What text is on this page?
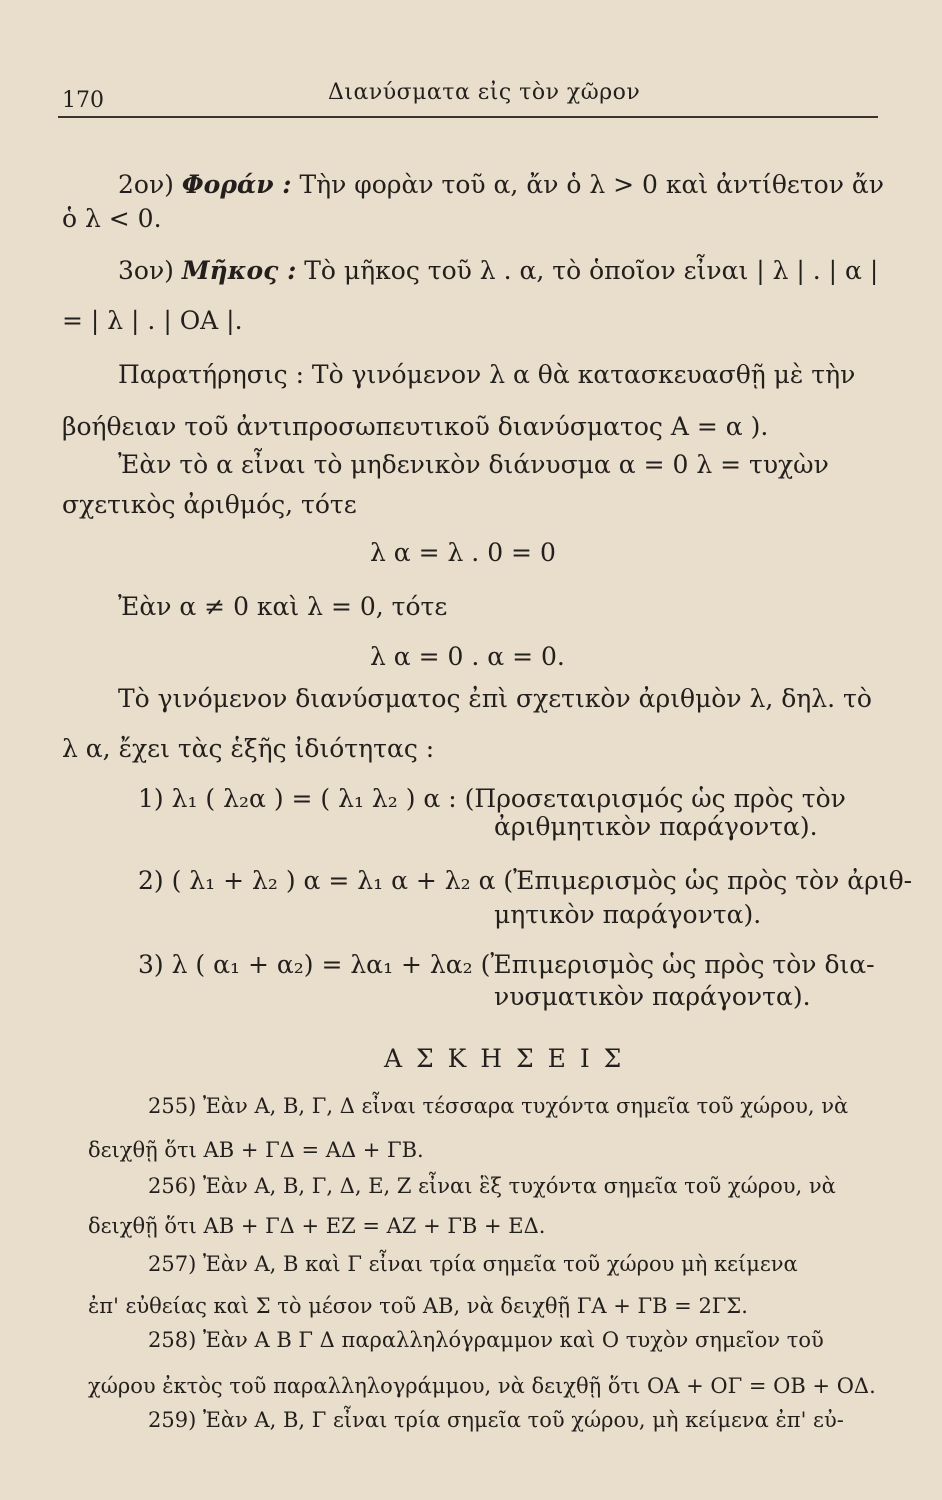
170	Διανύσματα εἰς τὸν χῶρον
2ον) Φοράν : Τὴν φορὰν τοῦ α, ἄν ὁ λ > 0 καὶ ἀντίθετον ἄν
ὁ λ < 0.
3ον) Μῆκος : Τὸ μῆκος τοῦ λ . α, τὸ ὁποῖον εἶναι | λ | . | α |
= | λ | . | ΟΑ |.
Παρατήρησις : Τὸ γινόμενον λ α θὰ κατασκευασθῇ μὲ τὴν
βοήθειαν τοῦ ἀντιπροσωπευτικοῦ διανύσματος Α = α ).
Ἐὰν τὸ α εἶναι τὸ μηδενικὸν διάνυσμα α = 0 λ = τυχὼν
σχετικὸς ἀριθμός, τότε
λ α = λ . 0 = 0
Ἐὰν α ≠ 0 καὶ λ = 0, τότε
λ α = 0 . α = 0.
Τὸ γινόμενον διανύσματος ἐπὶ σχετικὸν ἀριθμὸν λ, δηλ. τὸ
λ α, ἔχει τὰς ἑξῆς ἰδιότητας :
1) λ₁ ( λ₂α ) = ( λ₁ λ₂ ) α : (Προσεταιρισμός ὡς πρὸς τὸν
ἀριθμητικὸν παράγοντα).
2) ( λ₁ + λ₂ ) α = λ₁ α + λ₂ α (Ἐπιμερισμὸς ὡς πρὸς τὸν ἀριθ-
μητικὸν παράγοντα).
3) λ ( α₁ + α₂) = λα₁ + λα₂ (Ἐπιμερισμὸς ὡς πρὸς τὸν δια-
νυσματικὸν παράγοντα).
Α Σ Κ Η Σ Ε Ι Σ
255) Ἐὰν Α, Β, Γ, Δ εἶναι τέσσαρα τυχόντα σημεῖα τοῦ χώρου, νὰ
δειχθῇ ὅτι ΑΒ + ΓΔ = ΑΔ + ΓΒ.
256) Ἐὰν Α, Β, Γ, Δ, Ε, Ζ εἶναι ἓξ τυχόντα σημεῖα τοῦ χώρου, νὰ
δειχθῇ ὅτι ΑΒ + ΓΔ + ΕΖ = ΑΖ + ΓΒ + ΕΔ.
257) Ἐὰν Α, Β καὶ Γ εἶναι τρία σημεῖα τοῦ χώρου μὴ κείμενα
ἐπ' εὐθείας καὶ Σ τὸ μέσον τοῦ ΑΒ, νὰ δειχθῇ ΓΑ + ΓΒ = 2ΓΣ.
258) Ἐὰν Α Β Γ Δ παραλληλόγραμμον καὶ Ο τυχὸν σημεῖον τοῦ
χώρου ἐκτὸς τοῦ παραλληλογράμμου, νὰ δειχθῇ ὅτι ΟΑ + ΟΓ = ΟΒ + ΟΔ.
259) Ἐὰν Α, Β, Γ εἶναι τρία σημεῖα τοῦ χώρου, μὴ κείμενα ἐπ' εὐ-
